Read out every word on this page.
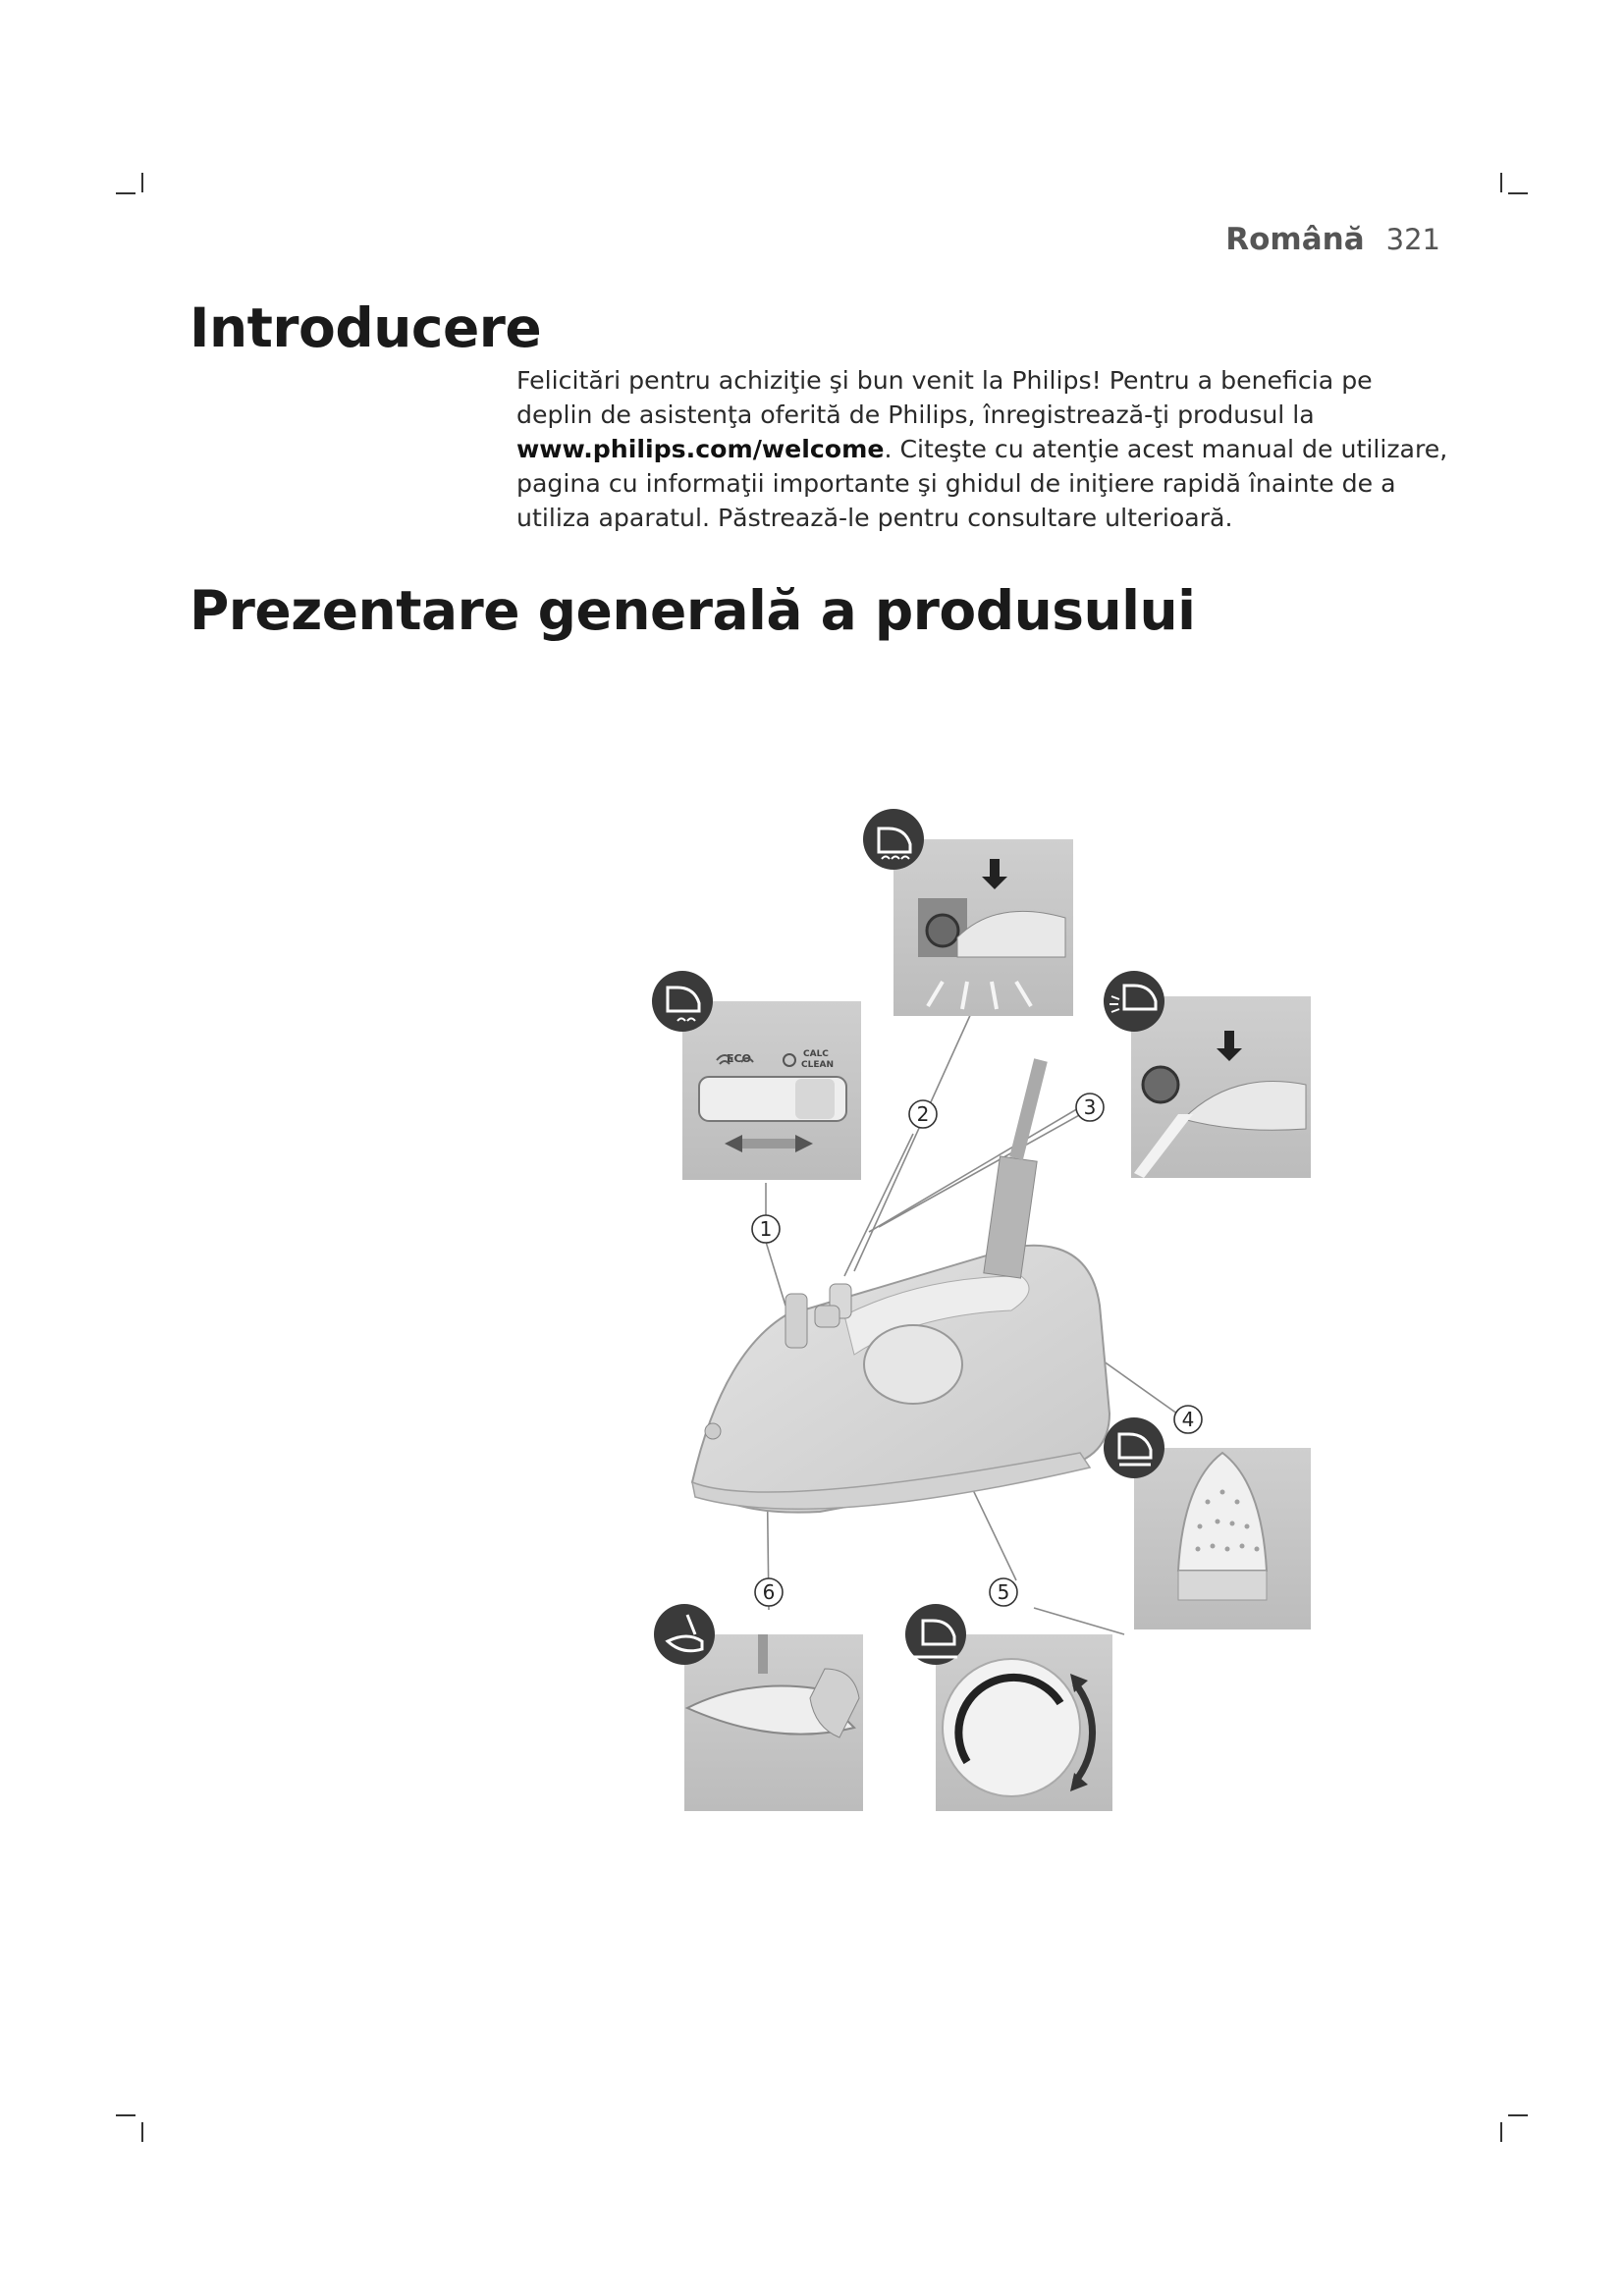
Română 321
Introducere
Felicitări pentru achiziţie şi bun venit la Philips! Pentru a beneficia pe deplin de asistenţa oferită de Philips, înregistrează-ţi produsul la www.philips.com/welcome. Citeşte cu atenţie acest manual de utilizare, pagina cu informaţii importante şi ghidul de iniţiere rapidă înainte de a utiliza aparatul. Păstrează-le pentru consultare ulterioară.
Prezentare generală a produsului
ECO	CALC
CLEAN
1
2	3
4
5
6
